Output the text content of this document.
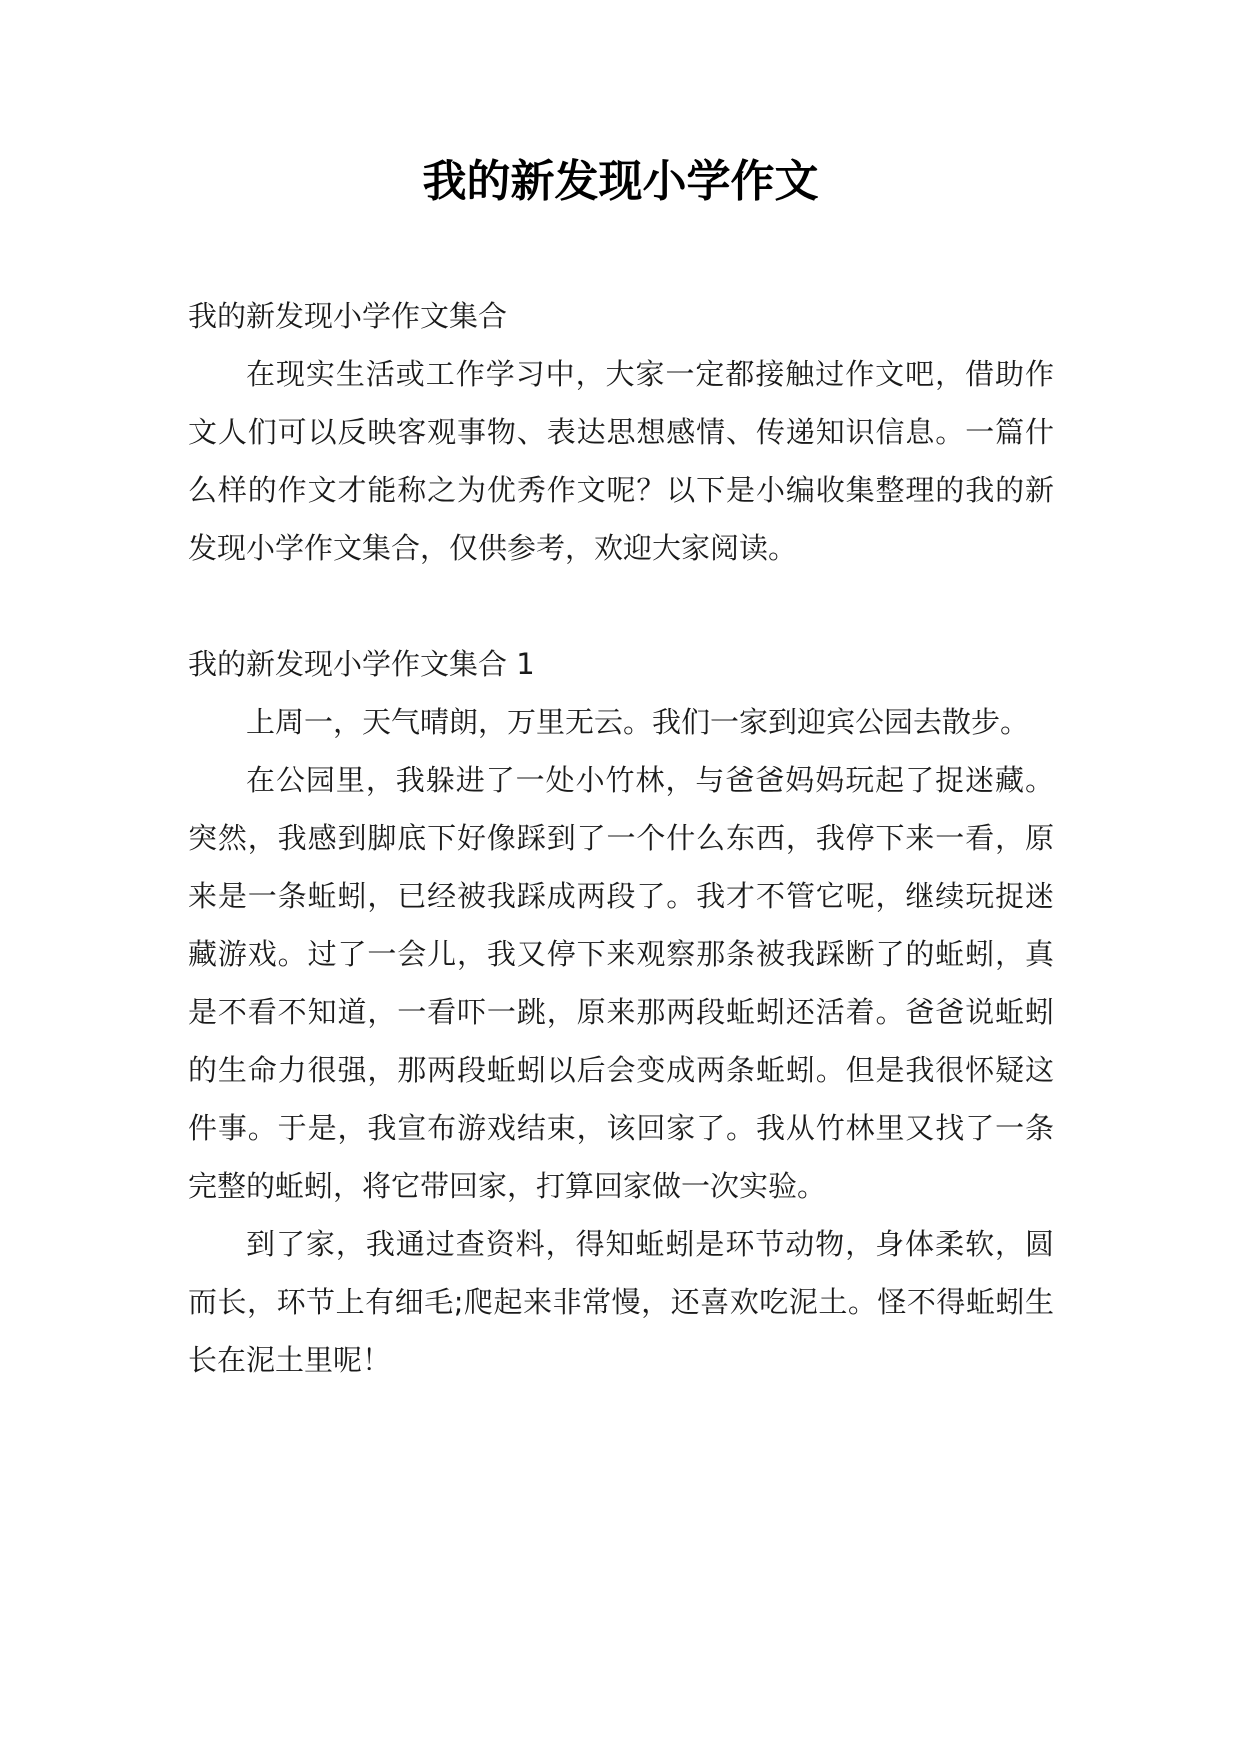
我的新发现小学作文

我的新发现小学作文集合

在现实生活或工作学习中，大家一定都接触过作文吧，借助作文人们可以反映客观事物、表达思想感情、传递知识信息。一篇什么样的作文才能称之为优秀作文呢？以下是小编收集整理的我的新发现小学作文集合，仅供参考，欢迎大家阅读。

我的新发现小学作文集合 1

上周一，天气晴朗，万里无云。我们一家到迎宾公园去散步。

在公园里，我躲进了一处小竹林，与爸爸妈妈玩起了捉迷藏。突然，我感到脚底下好像踩到了一个什么东西，我停下来一看，原来是一条蚯蚓，已经被我踩成两段了。我才不管它呢，继续玩捉迷藏游戏。过了一会儿，我又停下来观察那条被我踩断了的蚯蚓，真是不看不知道，一看吓一跳，原来那两段蚯蚓还活着。爸爸说蚯蚓的生命力很强，那两段蚯蚓以后会变成两条蚯蚓。但是我很怀疑这件事。于是，我宣布游戏结束，该回家了。我从竹林里又找了一条完整的蚯蚓，将它带回家，打算回家做一次实验。

到了家，我通过查资料，得知蚯蚓是环节动物，身体柔软，圆而长，环节上有细毛;爬起来非常慢，还喜欢吃泥土。怪不得蚯蚓生长在泥土里呢！
